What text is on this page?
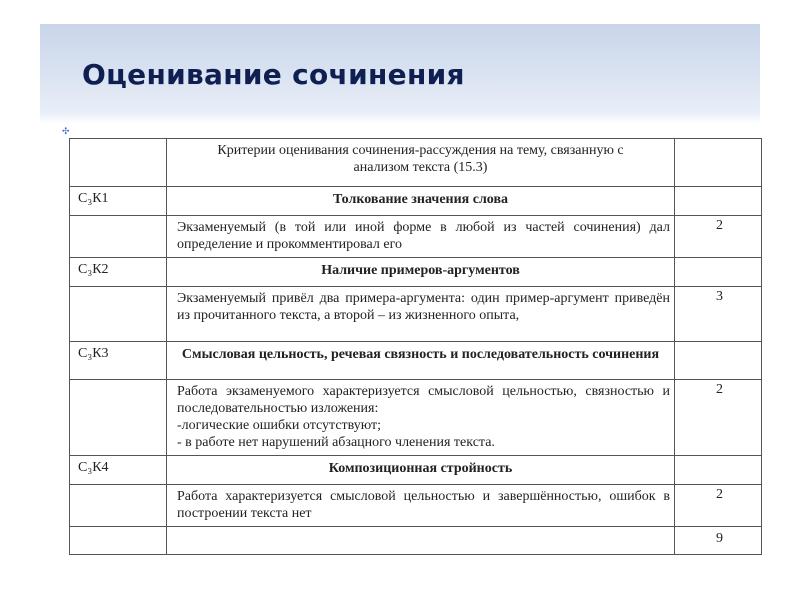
Оценивание сочинения
✣

	Критерии оценивания сочинения-рассуждения на тему, связанную с анализом текста (15.3)	

С₃К1	Толкование значения слова	

	Экзаменуемый (в той или иной форме в любой из частей сочинения) дал определение и прокомментировал его	2

С₃К2	Наличие примеров-аргументов	

	Экзаменуемый привёл два примера-аргумента: один пример-аргумент приведён из прочитанного текста, а второй – из жизненного опыта,	3

С₃К3	Смысловая цельность, речевая связность и последовательность сочинения	

	Работа экзаменуемого характеризуется смысловой цельностью, связностью и последовательностью изложения:
-логические ошибки отсутствуют;
- в работе нет нарушений абзацного членения текста.	2

С₃К4	Композиционная стройность	

	Работа характеризуется смысловой цельностью и завершённостью, ошибок в построении текста нет	2

		9
